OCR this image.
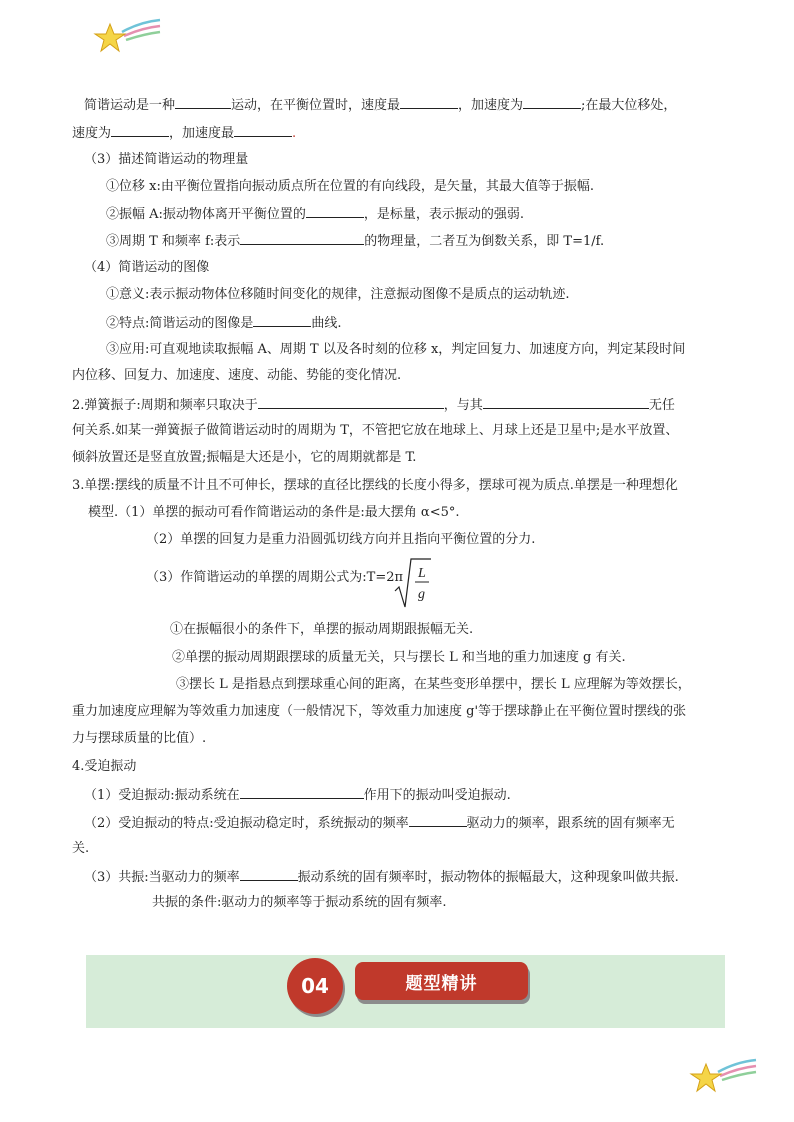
简谐运动是一种	运动，在平衡位置时，速度最	，加速度为	;在最大位移处，
速度为	，加速度最	.
（3）描述简谐运动的物理量
①位移 x:由平衡位置指向振动质点所在位置的有向线段，是矢量，其最大值等于振幅.
②振幅 A:振动物体离开平衡位置的	，是标量，表示振动的强弱.
③周期 T 和频率 f:表示	的物理量，二者互为倒数关系，即 T=1/f.
（4）简谐运动的图像
①意义:表示振动物体位移随时间变化的规律，注意振动图像不是质点的运动轨迹.
②特点:简谐运动的图像是	曲线.
③应用:可直观地读取振幅 A、周期 T 以及各时刻的位移 x，判定回复力、加速度方向，判定某段时间
内位移、回复力、加速度、速度、动能、势能的变化情况.
2.弹簧振子:周期和频率只取决于	，与其	无任
何关系.如某一弹簧振子做简谐运动时的周期为 T，不管把它放在地球上、月球上还是卫星中;是水平放置、
倾斜放置还是竖直放置;振幅是大还是小，它的周期就都是 T.
3.单摆:摆线的质量不计且不可伸长，摆球的直径比摆线的长度小得多，摆球可视为质点.单摆是一种理想化
模型.（1）单摆的振动可看作简谐运动的条件是:最大摆角 α<5°.
（2）单摆的回复力是重力沿圆弧切线方向并且指向平衡位置的分力.
（3）作简谐运动的单摆的周期公式为:T=2π L
g
①在振幅很小的条件下，单摆的振动周期跟振幅无关.
②单摆的振动周期跟摆球的质量无关，只与摆长 L 和当地的重力加速度 g 有关.
③摆长 L 是指悬点到摆球重心间的距离，在某些变形单摆中，摆长 L 应理解为等效摆长，
重力加速度应理解为等效重力加速度（一般情况下，等效重力加速度 g'等于摆球静止在平衡位置时摆线的张
力与摆球质量的比值）.
4.受迫振动
（1）受迫振动:振动系统在	作用下的振动叫受迫振动.
（2）受迫振动的特点:受迫振动稳定时，系统振动的频率	驱动力的频率，跟系统的固有频率无
关.
（3）共振:当驱动力的频率	振动系统的固有频率时，振动物体的振幅最大，这种现象叫做共振.
共振的条件:驱动力的频率等于振动系统的固有频率.
04	题型精讲
